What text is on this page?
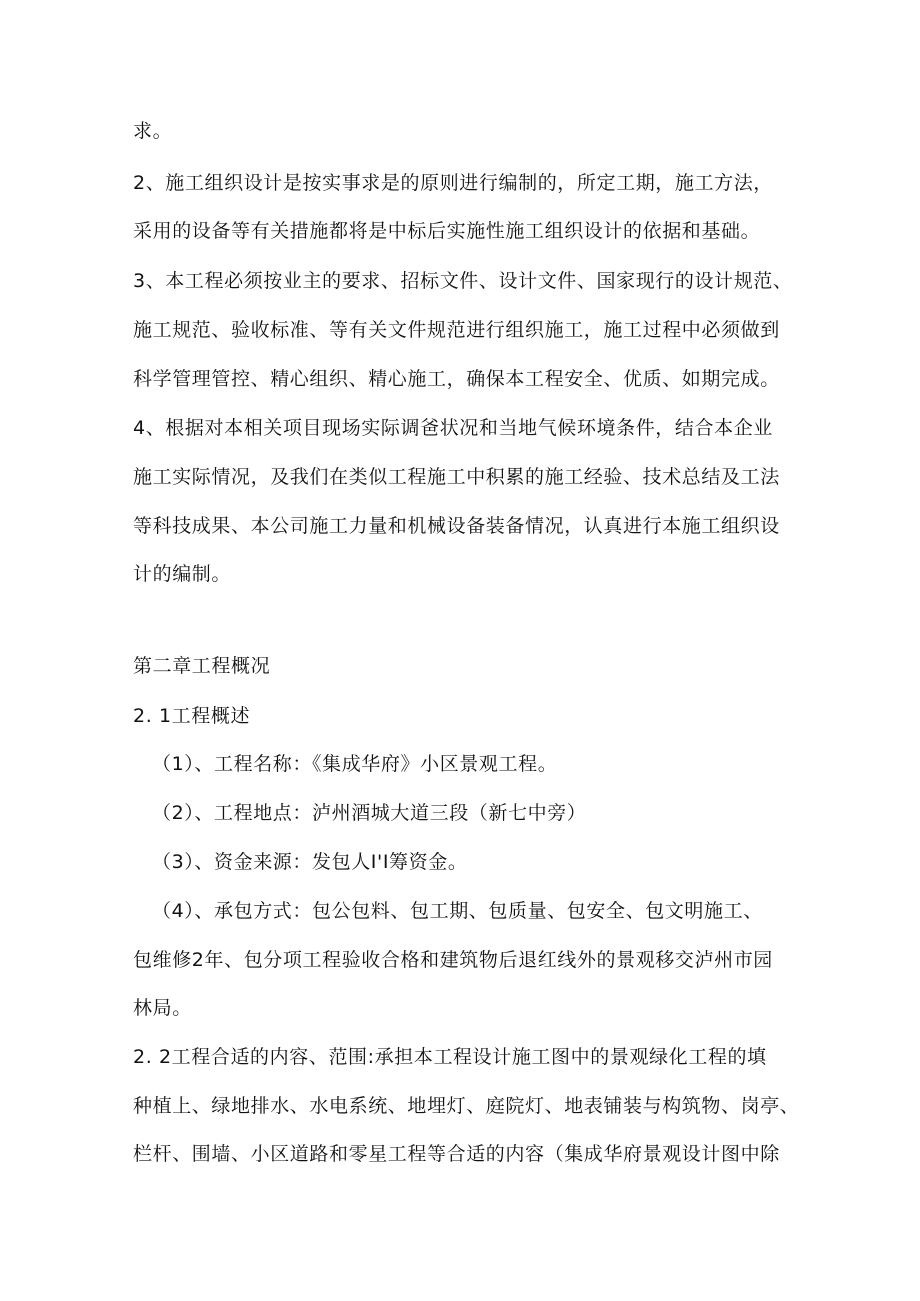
求。
2、施工组织设计是按实事求是的原则进行编制的，所定工期，施工方法，
采用的设备等有关措施都将是中标后实施性施工组织设计的依据和基础。
3、本工程必须按业主的要求、招标文件、设计文件、国家现行的设计规范、
施工规范、验收标准、等有关文件规范进行组织施工，施工过程中必须做到
科学管理管控、精心组织、精心施工，确保本工程安全、优质、如期完成。
4、根据对本相关项目现场实际调爸状况和当地气候环境条件，结合本企业
施工实际情况，及我们在类似工程施工中积累的施工经验、技术总结及工法
等科技成果、本公司施工力量和机械设备装备情况，认真进行本施工组织设
计的编制。
第二章工程概况
2. 1工程概述
（1）、工程名称：《集成华府》小区景观工程。
（2）、工程地点：泸州酒城大道三段（新七中旁）
（3）、资金来源：发包人I'I筹资金。
（4）、承包方式：包公包料、包工期、包质量、包安全、包文明施工、
包维修2年、包分项工程验收合格和建筑物后退红线外的景观移交泸州市园
林局。
2. 2工程合适的内容、范围:承担本工程设计施工图中的景观绿化工程的填
种植上、绿地排水、水电系统、地埋灯、庭院灯、地表铺装与构筑物、岗亭、
栏杆、围墙、小区道路和零星工程等合适的内容（集成华府景观设计图中除
